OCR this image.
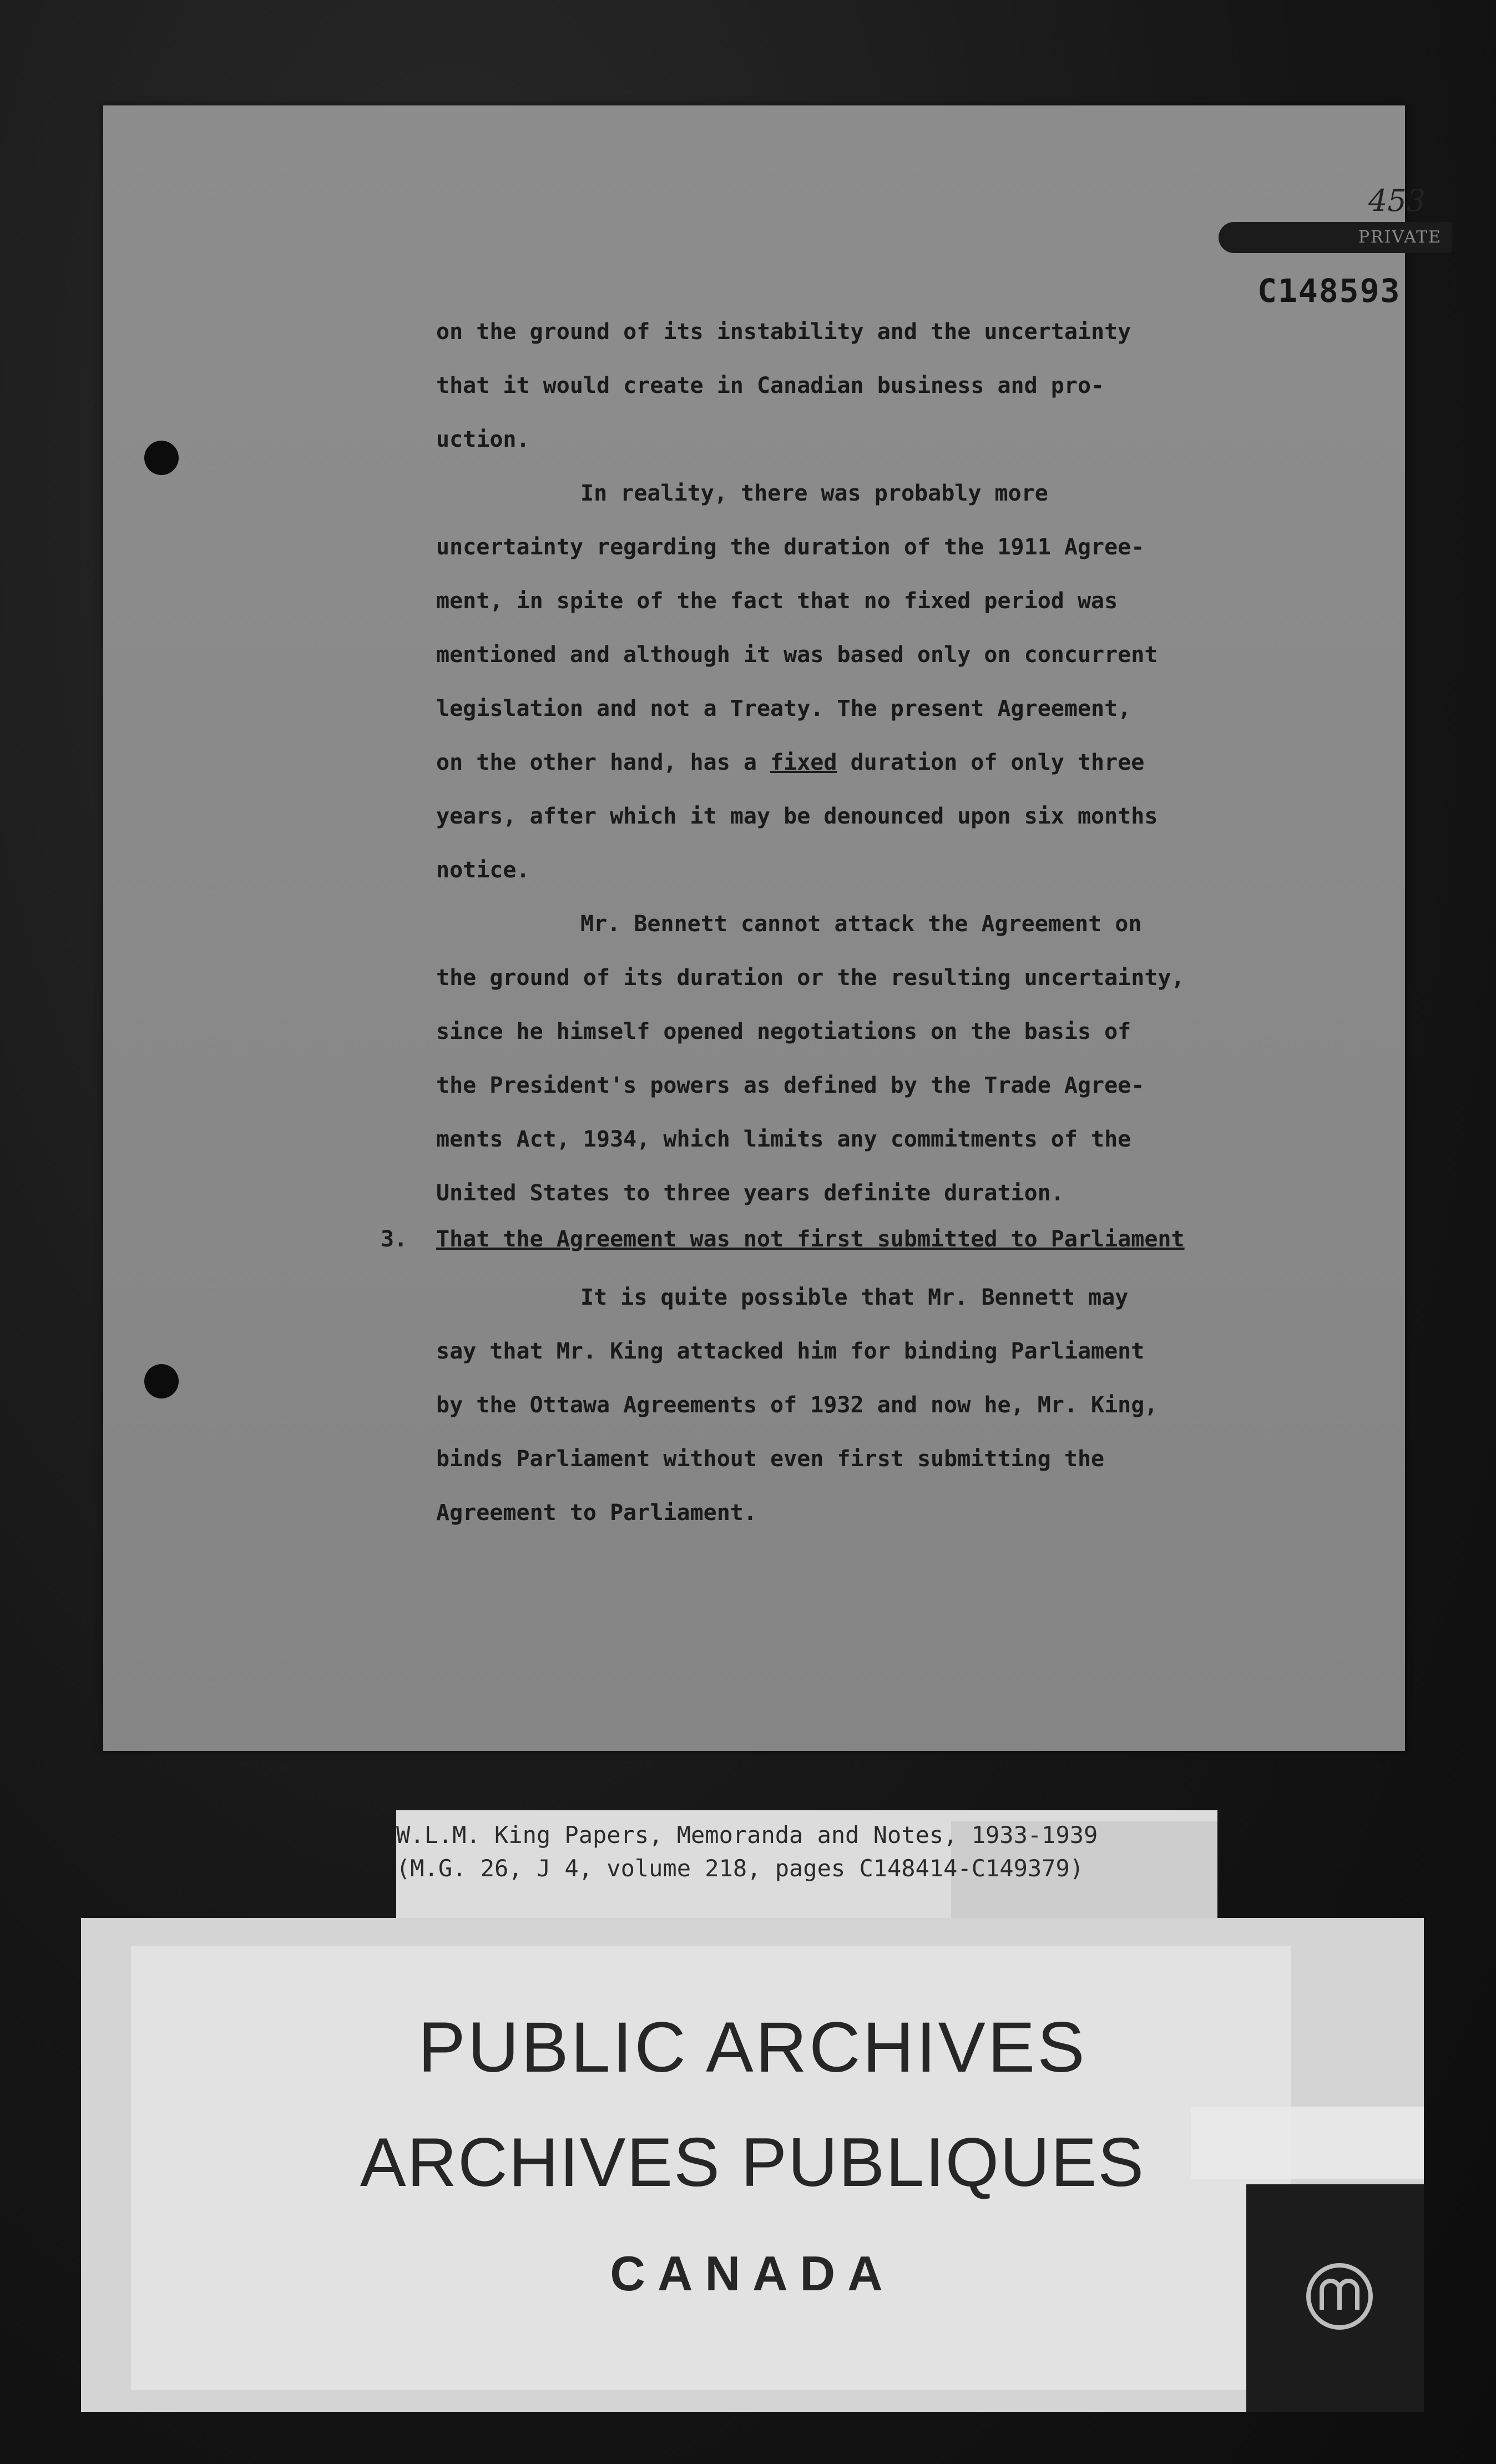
453
PRIVATE
C148593
on the ground of its instability and the uncertainty
that it would create in Canadian business and pro-
uction.
In reality, there was probably more
uncertainty regarding the duration of the 1911 Agree-
ment, in spite of the fact that no fixed period was
mentioned and although it was based only on concurrent
legislation and not a Treaty. The present Agreement,
on the other hand, has a fixed duration of only three
years, after which it may be denounced upon six months
notice.
Mr. Bennett cannot attack the Agreement on
the ground of its duration or the resulting uncertainty,
since he himself opened negotiations on the basis of
the President's powers as defined by the Trade Agree-
ments Act, 1934, which limits any commitments of the
United States to three years definite duration.
3. That the Agreement was not first submitted to Parliament
It is quite possible that Mr. Bennett may
say that Mr. King attacked him for binding Parliament
by the Ottawa Agreements of 1932 and now he, Mr. King,
binds Parliament without even first submitting the
Agreement to Parliament.
W.L.M. King Papers, Memoranda and Notes, 1933-1939
(M.G. 26, J 4, volume 218, pages C148414-C149379)
PUBLIC ARCHIVES
ARCHIVES PUBLIQUES
CANADA
